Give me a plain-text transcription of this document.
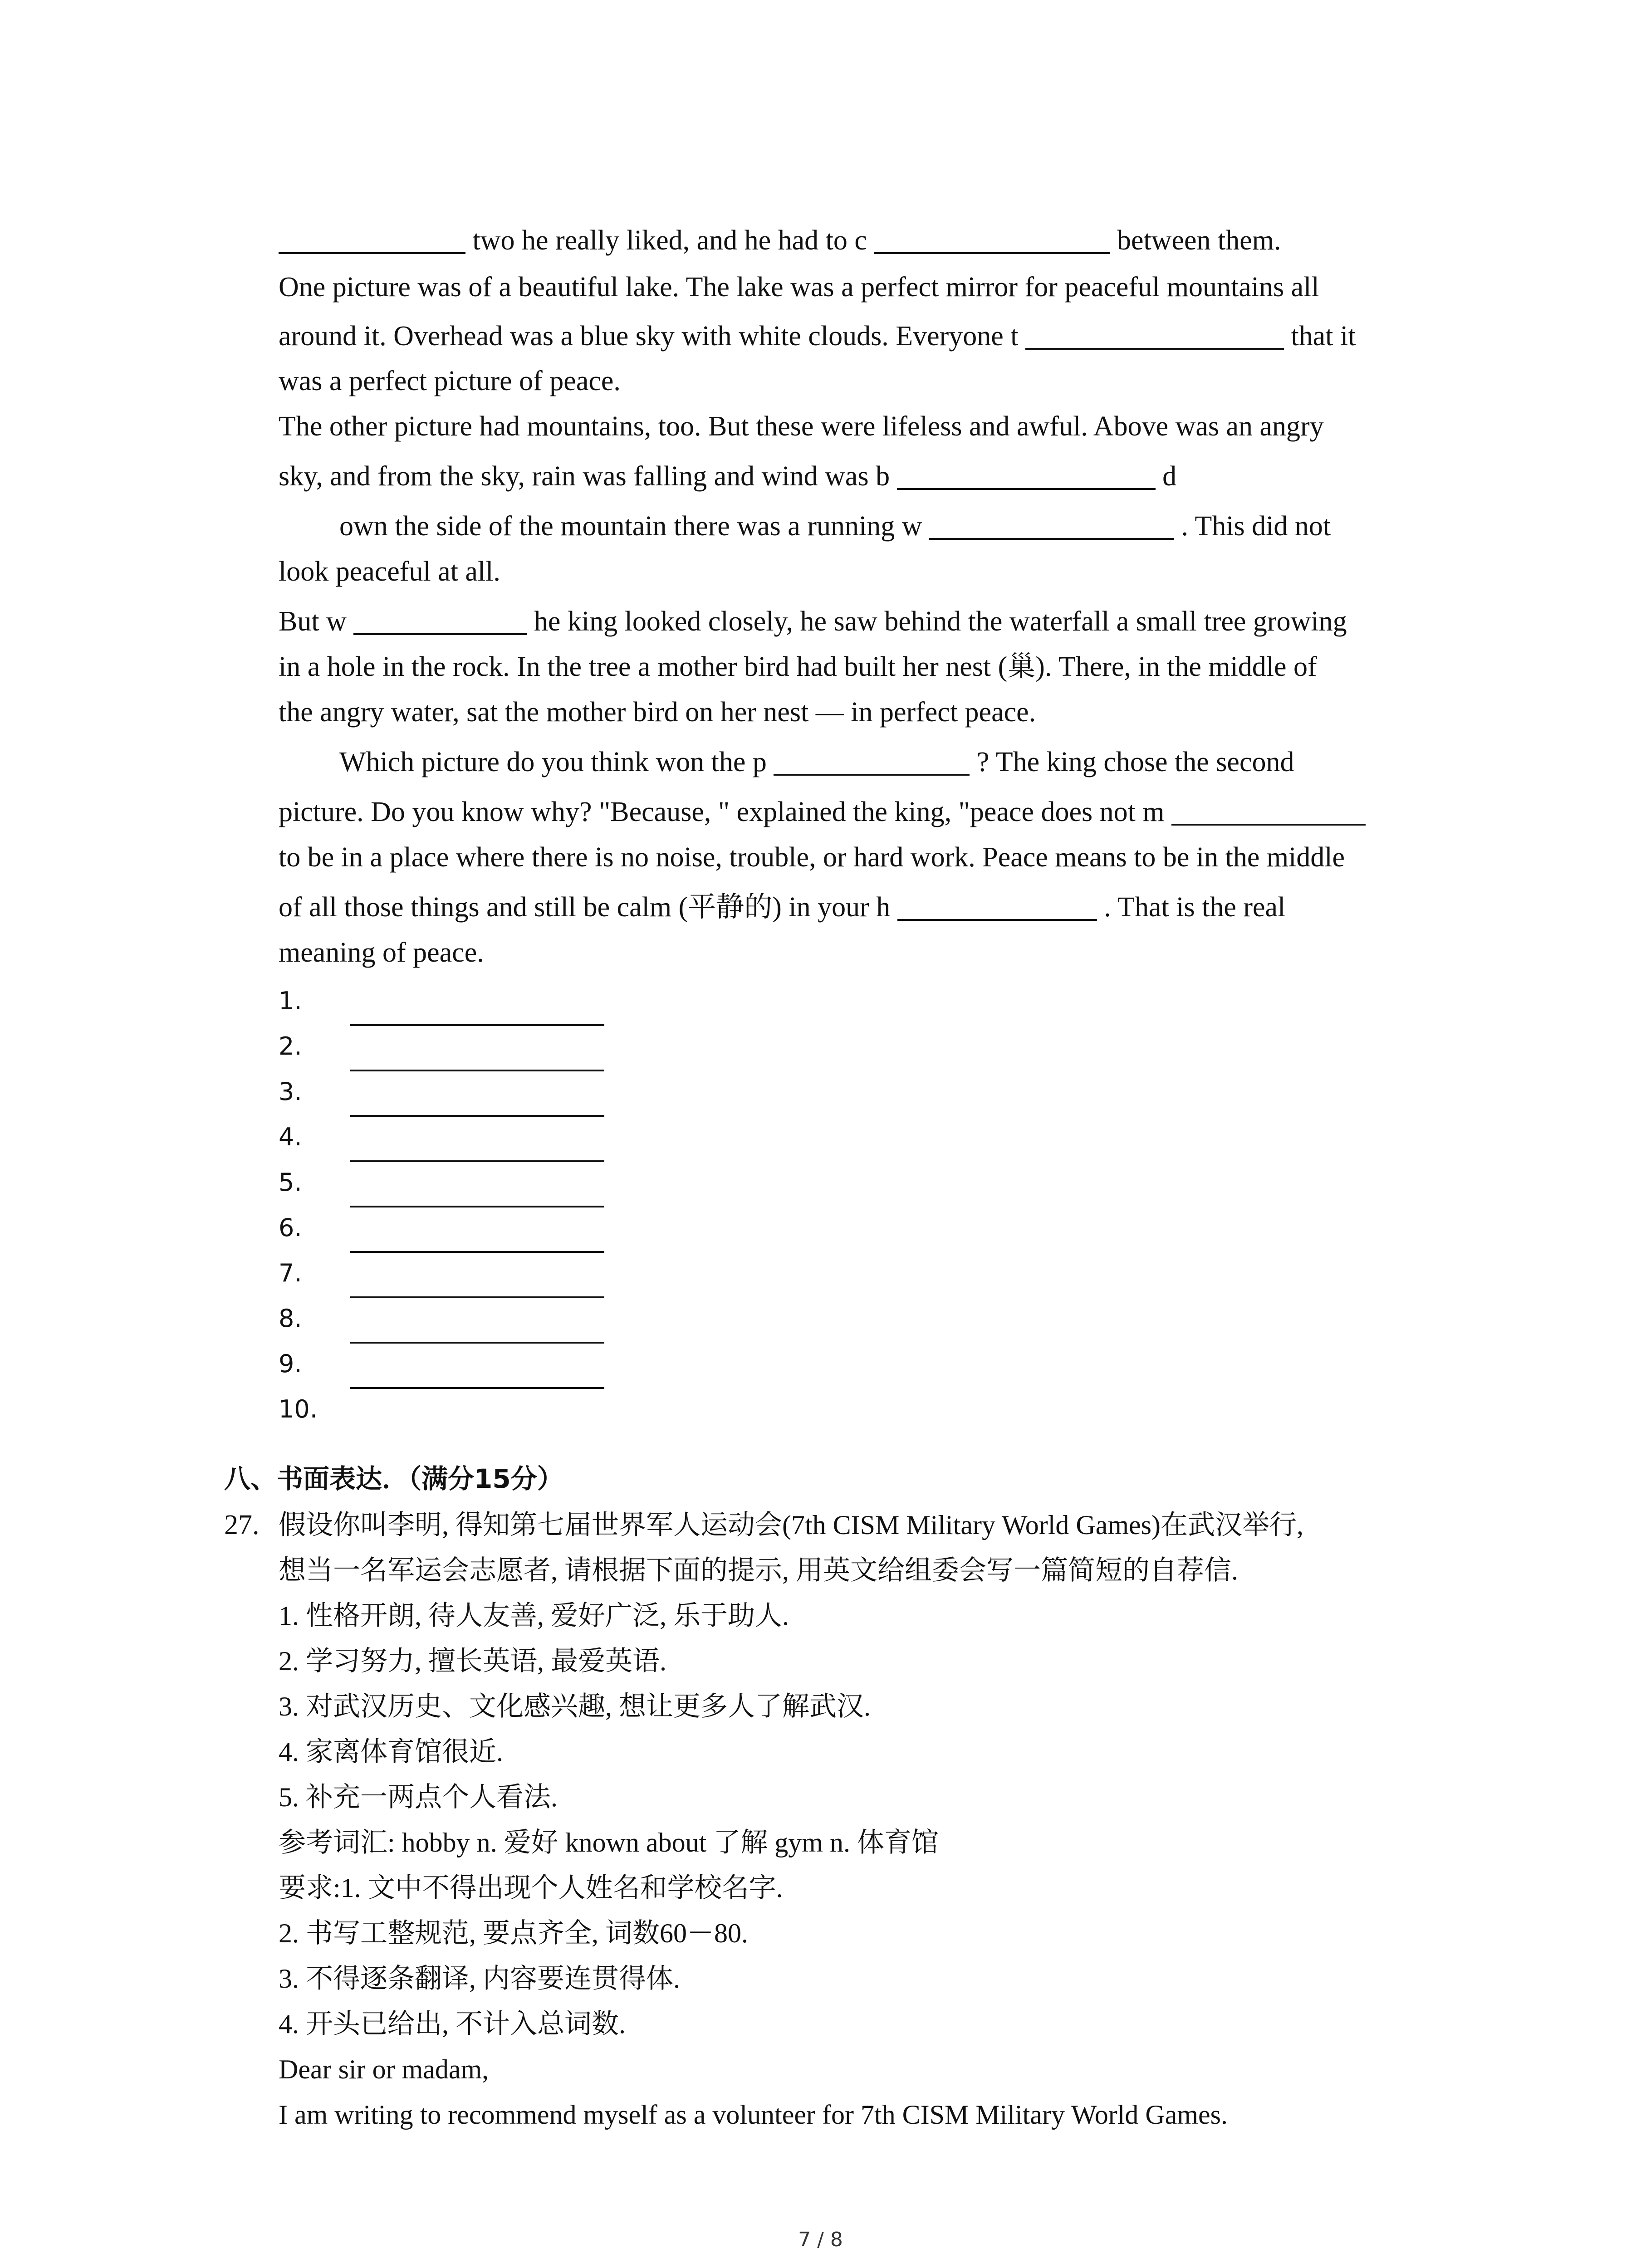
two he really liked, and he had to c	between them.
One picture was of a beautiful lake. The lake was a perfect mirror for peaceful mountains all
around it. Overhead was a blue sky with white clouds. Everyone t	that it
was a perfect picture of peace.
The other picture had mountains, too. But these were lifeless and awful. Above was an angry
sky, and from the sky, rain was falling and wind was b	d
own the side of the mountain there was a running w	. This did not
look peaceful at all.
But w	he king looked closely, he saw behind the waterfall a small tree growing
in a hole in the rock. In the tree a mother bird had built her nest (巢). There, in the middle of
the angry water, sat the mother bird on her nest — in perfect peace.
Which picture do you think won the p	? The king chose the second
picture. Do you know why? "Because, " explained the king, "peace does not m
to be in a place where there is no noise, trouble, or hard work. Peace means to be in the middle
of all those things and still be calm (平静的) in your h	. That is the real
meaning of peace.
1.
2.
3.
4.
5.
6.
7.
8.
9.
10.
八、书面表达．（满分15分）
27. 假设你叫李明, 得知第七届世界军人运动会(7th CISM Military World Games)在武汉举行,
想当一名军运会志愿者, 请根据下面的提示, 用英文给组委会写一篇简短的自荐信.
1. 性格开朗, 待人友善, 爱好广泛, 乐于助人.
2. 学习努力, 擅长英语, 最爱英语.
3. 对武汉历史、文化感兴趣, 想让更多人了解武汉.
4. 家离体育馆很近.
5. 补充一两点个人看法.
参考词汇: hobby n. 爱好 known about 了解 gym n. 体育馆
要求:1. 文中不得出现个人姓名和学校名字.
2. 书写工整规范, 要点齐全, 词数60－80.
3. 不得逐条翻译, 内容要连贯得体.
4. 开头已给出, 不计入总词数.
Dear sir or madam,
I am writing to recommend myself as a volunteer for 7th CISM Military World Games.
7 / 8
